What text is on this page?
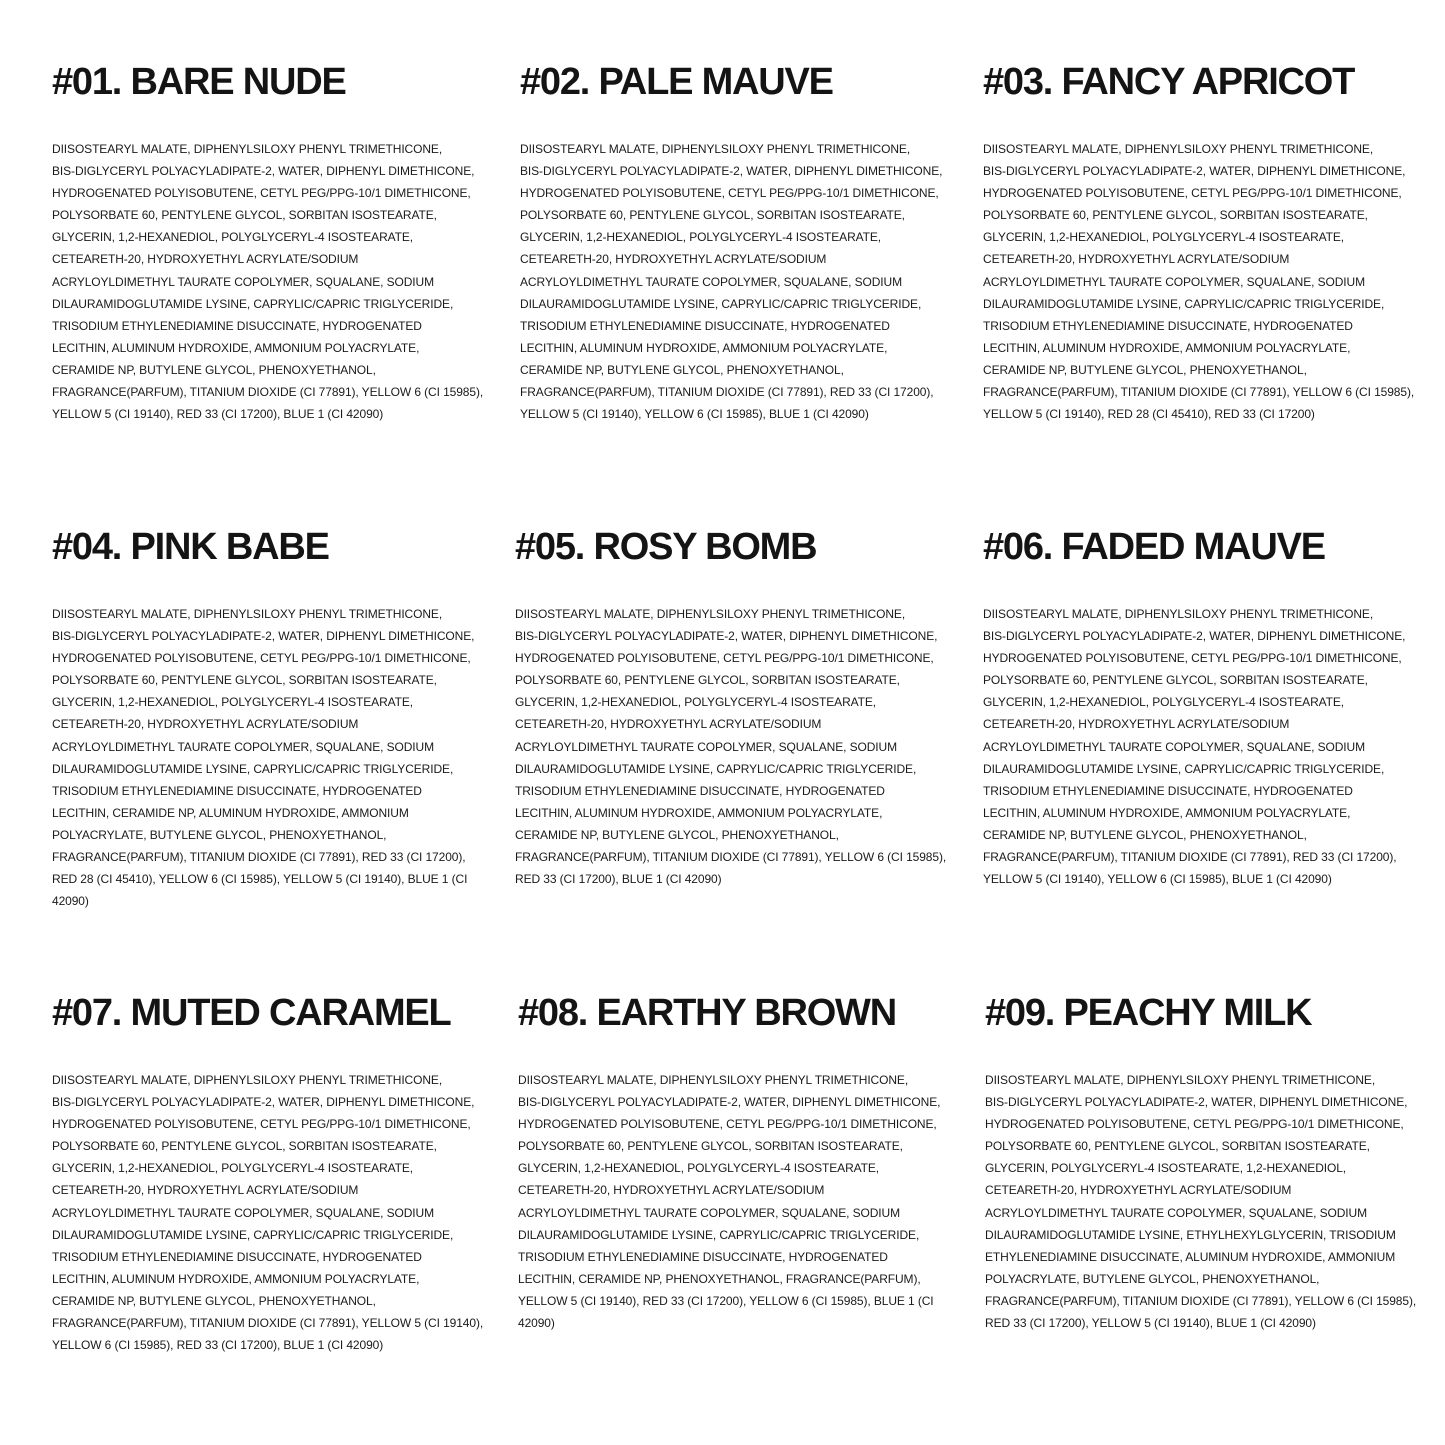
#01. BARE NUDE

DIISOSTEARYL MALATE, DIPHENYLSILOXY PHENYL TRIMETHICONE,
BIS-DIGLYCERYL POLYACYLADIPATE-2, WATER, DIPHENYL DIMETHICONE,
HYDROGENATED POLYISOBUTENE, CETYL PEG/PPG-10/1 DIMETHICONE,
POLYSORBATE 60, PENTYLENE GLYCOL, SORBITAN ISOSTEARATE,
GLYCERIN, 1,2-HEXANEDIOL, POLYGLYCERYL-4 ISOSTEARATE,
CETEARETH-20, HYDROXYETHYL ACRYLATE/SODIUM
ACRYLOYLDIMETHYL TAURATE COPOLYMER, SQUALANE, SODIUM
DILAURAMIDOGLUTAMIDE LYSINE, CAPRYLIC/CAPRIC TRIGLYCERIDE,
TRISODIUM ETHYLENEDIAMINE DISUCCINATE, HYDROGENATED
LECITHIN, ALUMINUM HYDROXIDE, AMMONIUM POLYACRYLATE,
CERAMIDE NP, BUTYLENE GLYCOL, PHENOXYETHANOL,
FRAGRANCE(PARFUM), TITANIUM DIOXIDE (CI 77891), YELLOW 6 (CI 15985),
YELLOW 5 (CI 19140), RED 33 (CI 17200), BLUE 1 (CI 42090)

#02. PALE MAUVE

DIISOSTEARYL MALATE, DIPHENYLSILOXY PHENYL TRIMETHICONE,
BIS-DIGLYCERYL POLYACYLADIPATE-2, WATER, DIPHENYL DIMETHICONE,
HYDROGENATED POLYISOBUTENE, CETYL PEG/PPG-10/1 DIMETHICONE,
POLYSORBATE 60, PENTYLENE GLYCOL, SORBITAN ISOSTEARATE,
GLYCERIN, 1,2-HEXANEDIOL, POLYGLYCERYL-4 ISOSTEARATE,
CETEARETH-20, HYDROXYETHYL ACRYLATE/SODIUM
ACRYLOYLDIMETHYL TAURATE COPOLYMER, SQUALANE, SODIUM
DILAURAMIDOGLUTAMIDE LYSINE, CAPRYLIC/CAPRIC TRIGLYCERIDE,
TRISODIUM ETHYLENEDIAMINE DISUCCINATE, HYDROGENATED
LECITHIN, ALUMINUM HYDROXIDE, AMMONIUM POLYACRYLATE,
CERAMIDE NP, BUTYLENE GLYCOL, PHENOXYETHANOL,
FRAGRANCE(PARFUM), TITANIUM DIOXIDE (CI 77891), RED 33 (CI 17200),
YELLOW 5 (CI 19140), YELLOW 6 (CI 15985), BLUE 1 (CI 42090)

#03. FANCY APRICOT

DIISOSTEARYL MALATE, DIPHENYLSILOXY PHENYL TRIMETHICONE,
BIS-DIGLYCERYL POLYACYLADIPATE-2, WATER, DIPHENYL DIMETHICONE,
HYDROGENATED POLYISOBUTENE, CETYL PEG/PPG-10/1 DIMETHICONE,
POLYSORBATE 60, PENTYLENE GLYCOL, SORBITAN ISOSTEARATE,
GLYCERIN, 1,2-HEXANEDIOL, POLYGLYCERYL-4 ISOSTEARATE,
CETEARETH-20, HYDROXYETHYL ACRYLATE/SODIUM
ACRYLOYLDIMETHYL TAURATE COPOLYMER, SQUALANE, SODIUM
DILAURAMIDOGLUTAMIDE LYSINE, CAPRYLIC/CAPRIC TRIGLYCERIDE,
TRISODIUM ETHYLENEDIAMINE DISUCCINATE, HYDROGENATED
LECITHIN, ALUMINUM HYDROXIDE, AMMONIUM POLYACRYLATE,
CERAMIDE NP, BUTYLENE GLYCOL, PHENOXYETHANOL,
FRAGRANCE(PARFUM), TITANIUM DIOXIDE (CI 77891), YELLOW 6 (CI 15985),
YELLOW 5 (CI 19140), RED 28 (CI 45410), RED 33 (CI 17200)

#04. PINK BABE

DIISOSTEARYL MALATE, DIPHENYLSILOXY PHENYL TRIMETHICONE,
BIS-DIGLYCERYL POLYACYLADIPATE-2, WATER, DIPHENYL DIMETHICONE,
HYDROGENATED POLYISOBUTENE, CETYL PEG/PPG-10/1 DIMETHICONE,
POLYSORBATE 60, PENTYLENE GLYCOL, SORBITAN ISOSTEARATE,
GLYCERIN, 1,2-HEXANEDIOL, POLYGLYCERYL-4 ISOSTEARATE,
CETEARETH-20, HYDROXYETHYL ACRYLATE/SODIUM
ACRYLOYLDIMETHYL TAURATE COPOLYMER, SQUALANE, SODIUM
DILAURAMIDOGLUTAMIDE LYSINE, CAPRYLIC/CAPRIC TRIGLYCERIDE,
TRISODIUM ETHYLENEDIAMINE DISUCCINATE, HYDROGENATED
LECITHIN, CERAMIDE NP, ALUMINUM HYDROXIDE, AMMONIUM
POLYACRYLATE, BUTYLENE GLYCOL, PHENOXYETHANOL,
FRAGRANCE(PARFUM), TITANIUM DIOXIDE (CI 77891), RED 33 (CI 17200),
RED 28 (CI 45410), YELLOW 6 (CI 15985), YELLOW 5 (CI 19140), BLUE 1 (CI
42090)

#05. ROSY BOMB

DIISOSTEARYL MALATE, DIPHENYLSILOXY PHENYL TRIMETHICONE,
BIS-DIGLYCERYL POLYACYLADIPATE-2, WATER, DIPHENYL DIMETHICONE,
HYDROGENATED POLYISOBUTENE, CETYL PEG/PPG-10/1 DIMETHICONE,
POLYSORBATE 60, PENTYLENE GLYCOL, SORBITAN ISOSTEARATE,
GLYCERIN, 1,2-HEXANEDIOL, POLYGLYCERYL-4 ISOSTEARATE,
CETEARETH-20, HYDROXYETHYL ACRYLATE/SODIUM
ACRYLOYLDIMETHYL TAURATE COPOLYMER, SQUALANE, SODIUM
DILAURAMIDOGLUTAMIDE LYSINE, CAPRYLIC/CAPRIC TRIGLYCERIDE,
TRISODIUM ETHYLENEDIAMINE DISUCCINATE, HYDROGENATED
LECITHIN, ALUMINUM HYDROXIDE, AMMONIUM POLYACRYLATE,
CERAMIDE NP, BUTYLENE GLYCOL, PHENOXYETHANOL,
FRAGRANCE(PARFUM), TITANIUM DIOXIDE (CI 77891), YELLOW 6 (CI 15985),
RED 33 (CI 17200), BLUE 1 (CI 42090)

#06. FADED MAUVE

DIISOSTEARYL MALATE, DIPHENYLSILOXY PHENYL TRIMETHICONE,
BIS-DIGLYCERYL POLYACYLADIPATE-2, WATER, DIPHENYL DIMETHICONE,
HYDROGENATED POLYISOBUTENE, CETYL PEG/PPG-10/1 DIMETHICONE,
POLYSORBATE 60, PENTYLENE GLYCOL, SORBITAN ISOSTEARATE,
GLYCERIN, 1,2-HEXANEDIOL, POLYGLYCERYL-4 ISOSTEARATE,
CETEARETH-20, HYDROXYETHYL ACRYLATE/SODIUM
ACRYLOYLDIMETHYL TAURATE COPOLYMER, SQUALANE, SODIUM
DILAURAMIDOGLUTAMIDE LYSINE, CAPRYLIC/CAPRIC TRIGLYCERIDE,
TRISODIUM ETHYLENEDIAMINE DISUCCINATE, HYDROGENATED
LECITHIN, ALUMINUM HYDROXIDE, AMMONIUM POLYACRYLATE,
CERAMIDE NP, BUTYLENE GLYCOL, PHENOXYETHANOL,
FRAGRANCE(PARFUM), TITANIUM DIOXIDE (CI 77891), RED 33 (CI 17200),
YELLOW 5 (CI 19140), YELLOW 6 (CI 15985), BLUE 1 (CI 42090)

#07. MUTED CARAMEL

DIISOSTEARYL MALATE, DIPHENYLSILOXY PHENYL TRIMETHICONE,
BIS-DIGLYCERYL POLYACYLADIPATE-2, WATER, DIPHENYL DIMETHICONE,
HYDROGENATED POLYISOBUTENE, CETYL PEG/PPG-10/1 DIMETHICONE,
POLYSORBATE 60, PENTYLENE GLYCOL, SORBITAN ISOSTEARATE,
GLYCERIN, 1,2-HEXANEDIOL, POLYGLYCERYL-4 ISOSTEARATE,
CETEARETH-20, HYDROXYETHYL ACRYLATE/SODIUM
ACRYLOYLDIMETHYL TAURATE COPOLYMER, SQUALANE, SODIUM
DILAURAMIDOGLUTAMIDE LYSINE, CAPRYLIC/CAPRIC TRIGLYCERIDE,
TRISODIUM ETHYLENEDIAMINE DISUCCINATE, HYDROGENATED
LECITHIN, ALUMINUM HYDROXIDE, AMMONIUM POLYACRYLATE,
CERAMIDE NP, BUTYLENE GLYCOL, PHENOXYETHANOL,
FRAGRANCE(PARFUM), TITANIUM DIOXIDE (CI 77891), YELLOW 5 (CI 19140),
YELLOW 6 (CI 15985), RED 33 (CI 17200), BLUE 1 (CI 42090)

#08. EARTHY BROWN

DIISOSTEARYL MALATE, DIPHENYLSILOXY PHENYL TRIMETHICONE,
BIS-DIGLYCERYL POLYACYLADIPATE-2, WATER, DIPHENYL DIMETHICONE,
HYDROGENATED POLYISOBUTENE, CETYL PEG/PPG-10/1 DIMETHICONE,
POLYSORBATE 60, PENTYLENE GLYCOL, SORBITAN ISOSTEARATE,
GLYCERIN, 1,2-HEXANEDIOL, POLYGLYCERYL-4 ISOSTEARATE,
CETEARETH-20, HYDROXYETHYL ACRYLATE/SODIUM
ACRYLOYLDIMETHYL TAURATE COPOLYMER, SQUALANE, SODIUM
DILAURAMIDOGLUTAMIDE LYSINE, CAPRYLIC/CAPRIC TRIGLYCERIDE,
TRISODIUM ETHYLENEDIAMINE DISUCCINATE, HYDROGENATED
LECITHIN, CERAMIDE NP, PHENOXYETHANOL, FRAGRANCE(PARFUM),
YELLOW 5 (CI 19140), RED 33 (CI 17200), YELLOW 6 (CI 15985), BLUE 1 (CI
42090)

#09. PEACHY MILK

DIISOSTEARYL MALATE, DIPHENYLSILOXY PHENYL TRIMETHICONE,
BIS-DIGLYCERYL POLYACYLADIPATE-2, WATER, DIPHENYL DIMETHICONE,
HYDROGENATED POLYISOBUTENE, CETYL PEG/PPG-10/1 DIMETHICONE,
POLYSORBATE 60, PENTYLENE GLYCOL, SORBITAN ISOSTEARATE,
GLYCERIN, POLYGLYCERYL-4 ISOSTEARATE, 1,2-HEXANEDIOL,
CETEARETH-20, HYDROXYETHYL ACRYLATE/SODIUM
ACRYLOYLDIMETHYL TAURATE COPOLYMER, SQUALANE, SODIUM
DILAURAMIDOGLUTAMIDE LYSINE, ETHYLHEXYLGLYCERIN, TRISODIUM
ETHYLENEDIAMINE DISUCCINATE, ALUMINUM HYDROXIDE, AMMONIUM
POLYACRYLATE, BUTYLENE GLYCOL, PHENOXYETHANOL,
FRAGRANCE(PARFUM), TITANIUM DIOXIDE (CI 77891), YELLOW 6 (CI 15985),
RED 33 (CI 17200), YELLOW 5 (CI 19140), BLUE 1 (CI 42090)
